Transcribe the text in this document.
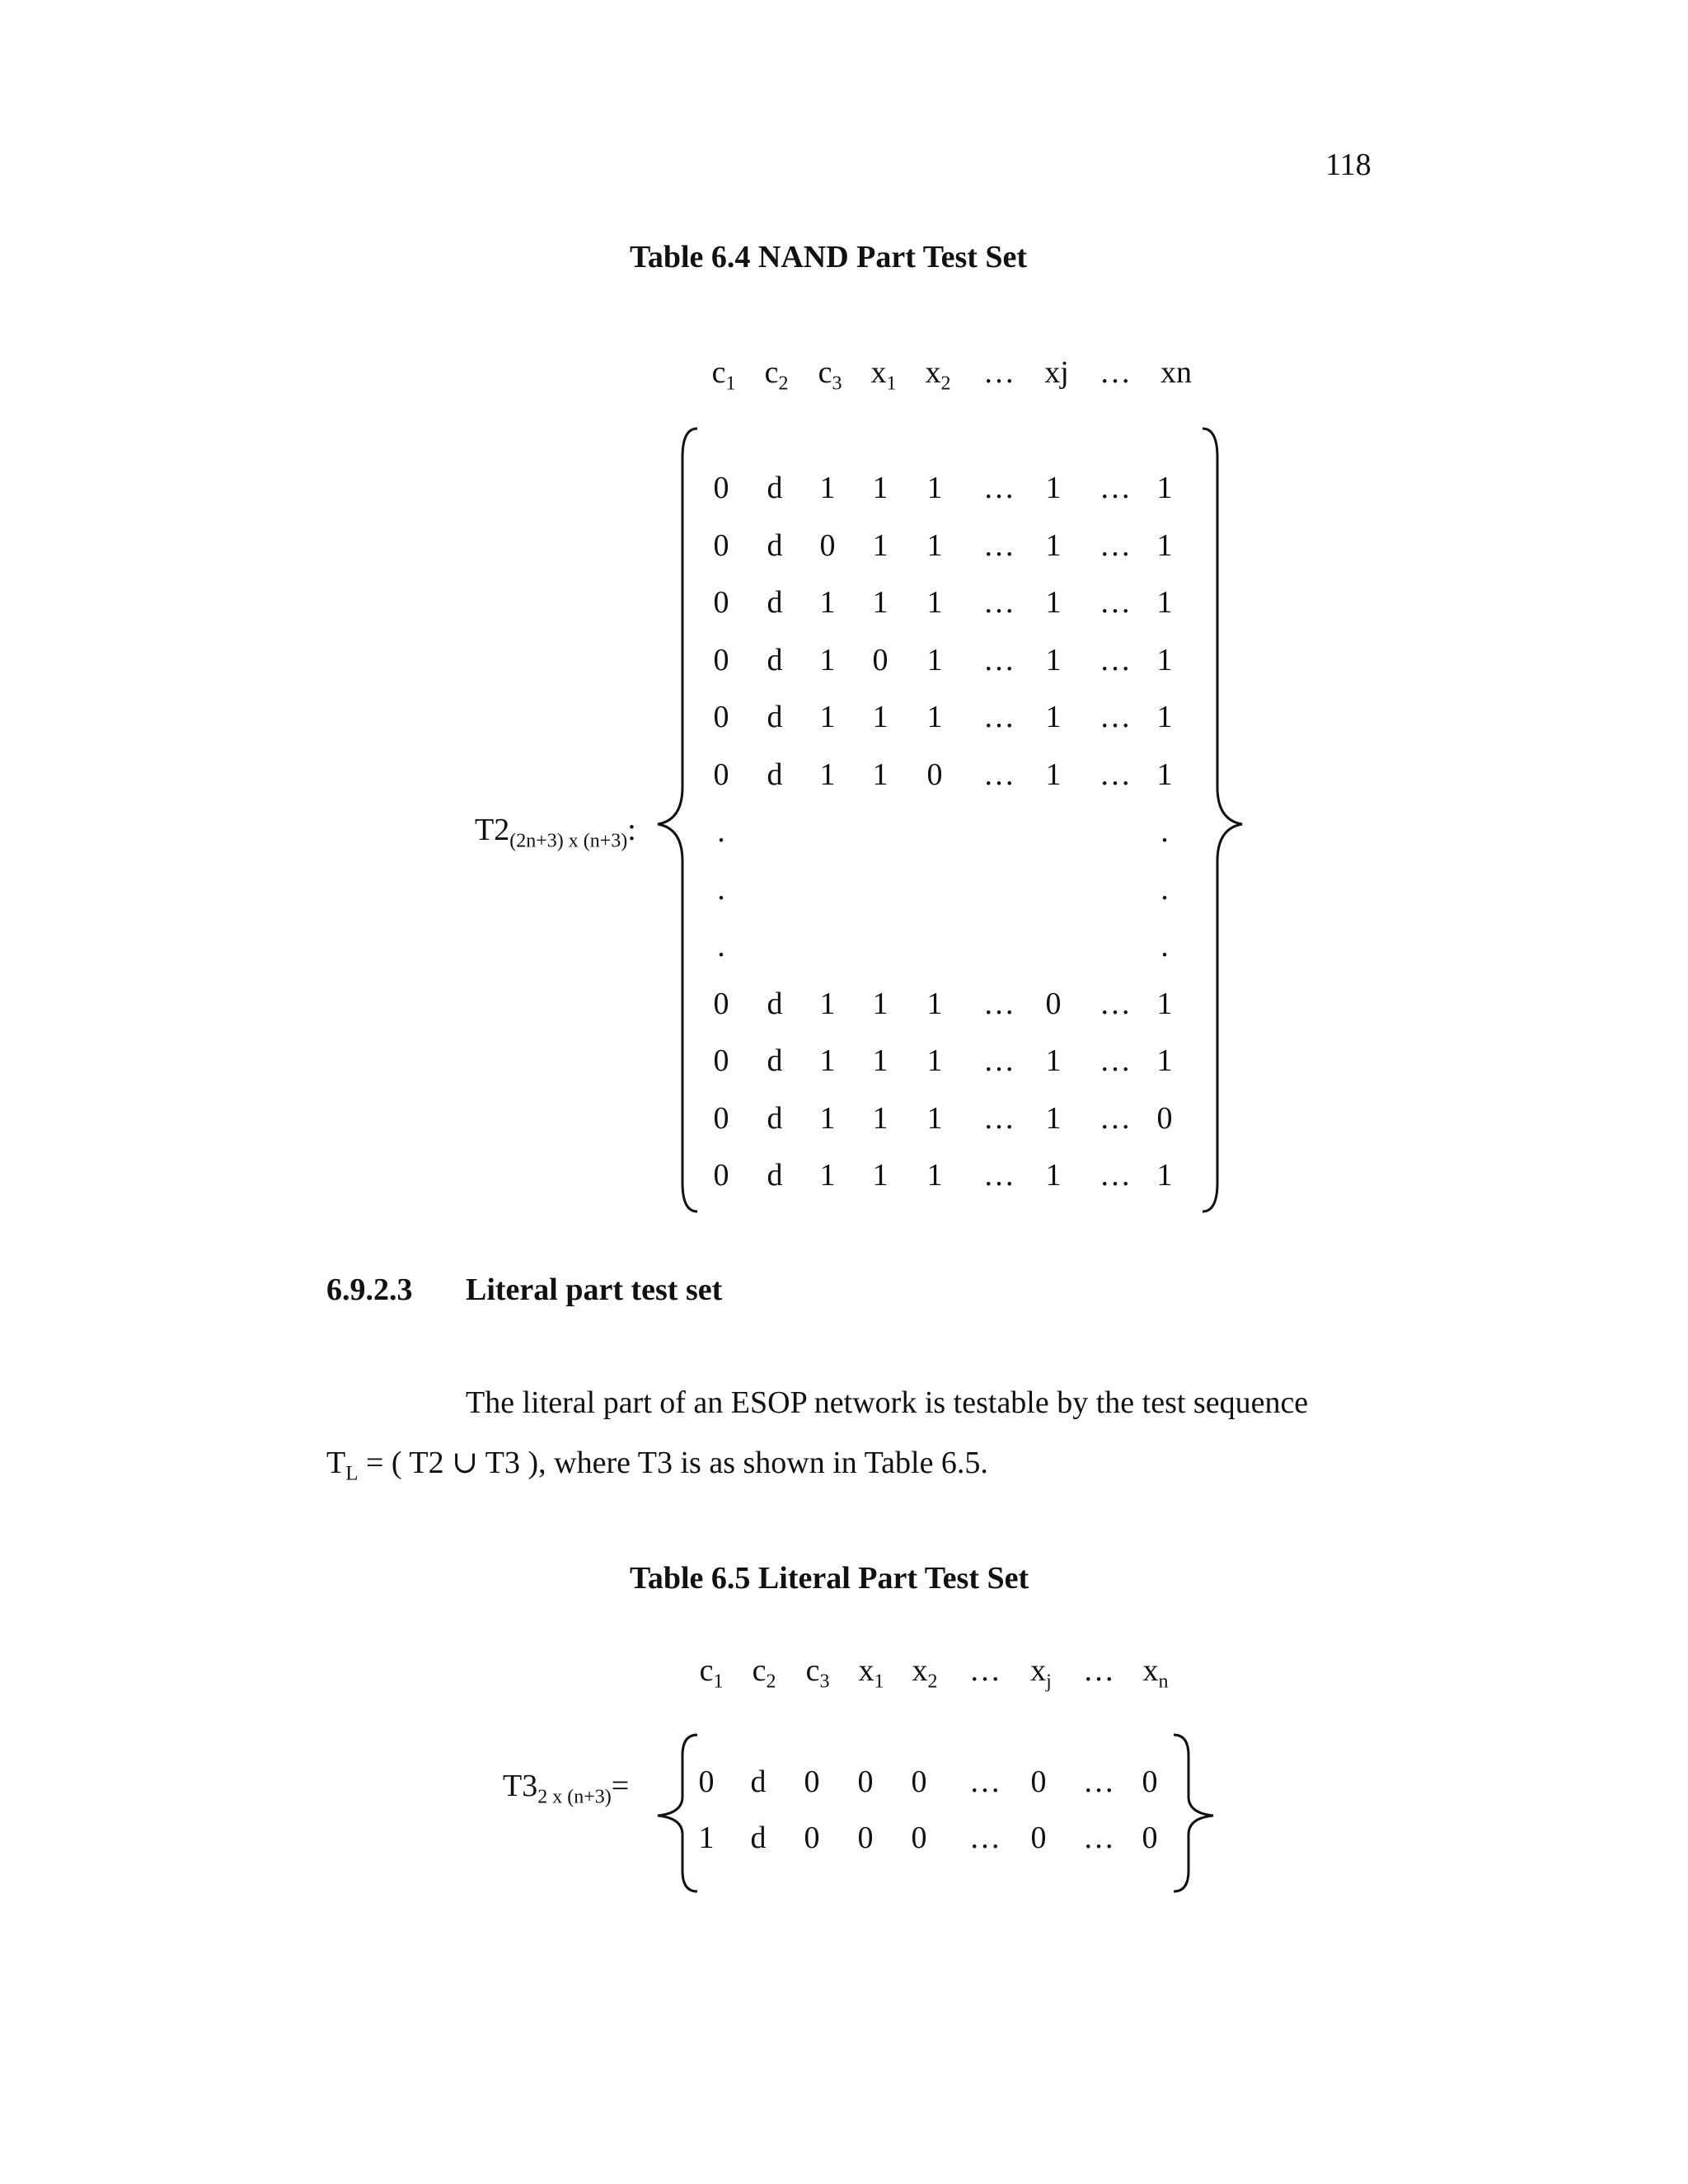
118
Table 6.4 NAND Part Test Set
$c_1$ $c_2$ $c_3$ $x_1$ $x_2$ … xj … xn
$T2_{(2n+3) x (n+3)}$:
0 d 1 1 1 … 1 … 1
0 d 0 1 1 … 1 … 1
0 d 1 1 1 … 1 … 1
0 d 1 0 1 … 1 … 1
0 d 1 1 1 … 1 … 1
0 d 1 1 0 … 1 … 1
.	.
.	.
.	.
0 d 1 1 1 … 0 … 1
0 d 1 1 1 … 1 … 1
0 d 1 1 1 … 1 … 0
0 d 1 1 1 … 1 … 1
6.9.2.3 Literal part test set
The literal part of an ESOP network is testable by the test sequence
$T_L$ = ( T2 ∪ T3 ), where T3 is as shown in Table 6.5.
Table 6.5 Literal Part Test Set
$c_1$ $c_2$ $c_3$ $x_1$ $x_2$ … $x_j$ … $x_n$
$T3_{2 x (n+3)}= 0$ d 0 0 0 … 0 … 0
1 d 0 0 0 … 0 … 0
